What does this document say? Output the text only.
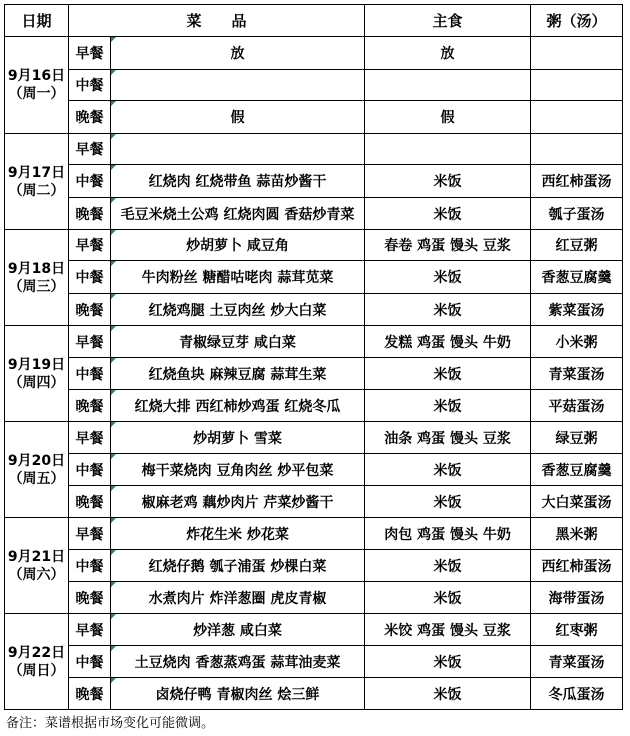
日期	菜　　品		主食	粥（汤）

9月16日
（周一）	早餐	放	放	
	中餐	

	晚餐	假	假	

9月17日
（周二）	早餐	

	中餐	红烧肉 红烧带鱼 蒜苗炒酱干	米饭	西红柿蛋汤
	晚餐	毛豆米烧土公鸡 红烧肉圆 香菇炒青菜	米饭	瓠子蛋汤

9月18日
（周三）	早餐	炒胡萝卜 咸豆角	春卷 鸡蛋 馒头 豆浆	红豆粥
	中餐	牛肉粉丝 糖醋咕咾肉 蒜茸苋菜	米饭	香葱豆腐羹
	晚餐	红烧鸡腿 土豆肉丝 炒大白菜	米饭	紫菜蛋汤

9月19日
（周四）	早餐	青椒绿豆芽 咸白菜	发糕 鸡蛋 馒头 牛奶	小米粥
	中餐	红烧鱼块 麻辣豆腐 蒜茸生菜	米饭	青菜蛋汤
	晚餐	红烧大排 西红柿炒鸡蛋 红烧冬瓜	米饭	平菇蛋汤

9月20日
（周五）	早餐	炒胡萝卜 雪菜	油条 鸡蛋 馒头 豆浆	绿豆粥
	中餐	梅干菜烧肉 豆角肉丝 炒平包菜	米饭	香葱豆腐羹
	晚餐	椒麻老鸡 藕炒肉片 芹菜炒酱干	米饭	大白菜蛋汤

9月21日
（周六）	早餐	炸花生米 炒花菜	肉包 鸡蛋 馒头 牛奶	黑米粥
	中餐	红烧仔鹅 瓠子浦蛋 炒棵白菜	米饭	西红柿蛋汤
	晚餐	水煮肉片 炸洋葱圈 虎皮青椒	米饭	海带蛋汤

9月22日
（周日）	早餐	炒洋葱 咸白菜	米饺 鸡蛋 馒头 豆浆	红枣粥
	中餐	土豆烧肉 香葱蒸鸡蛋 蒜茸油麦菜	米饭	青菜蛋汤
	晚餐	卤烧仔鸭 青椒肉丝 烩三鲜	米饭	冬瓜蛋汤
备注：菜谱根据市场变化可能微调。
